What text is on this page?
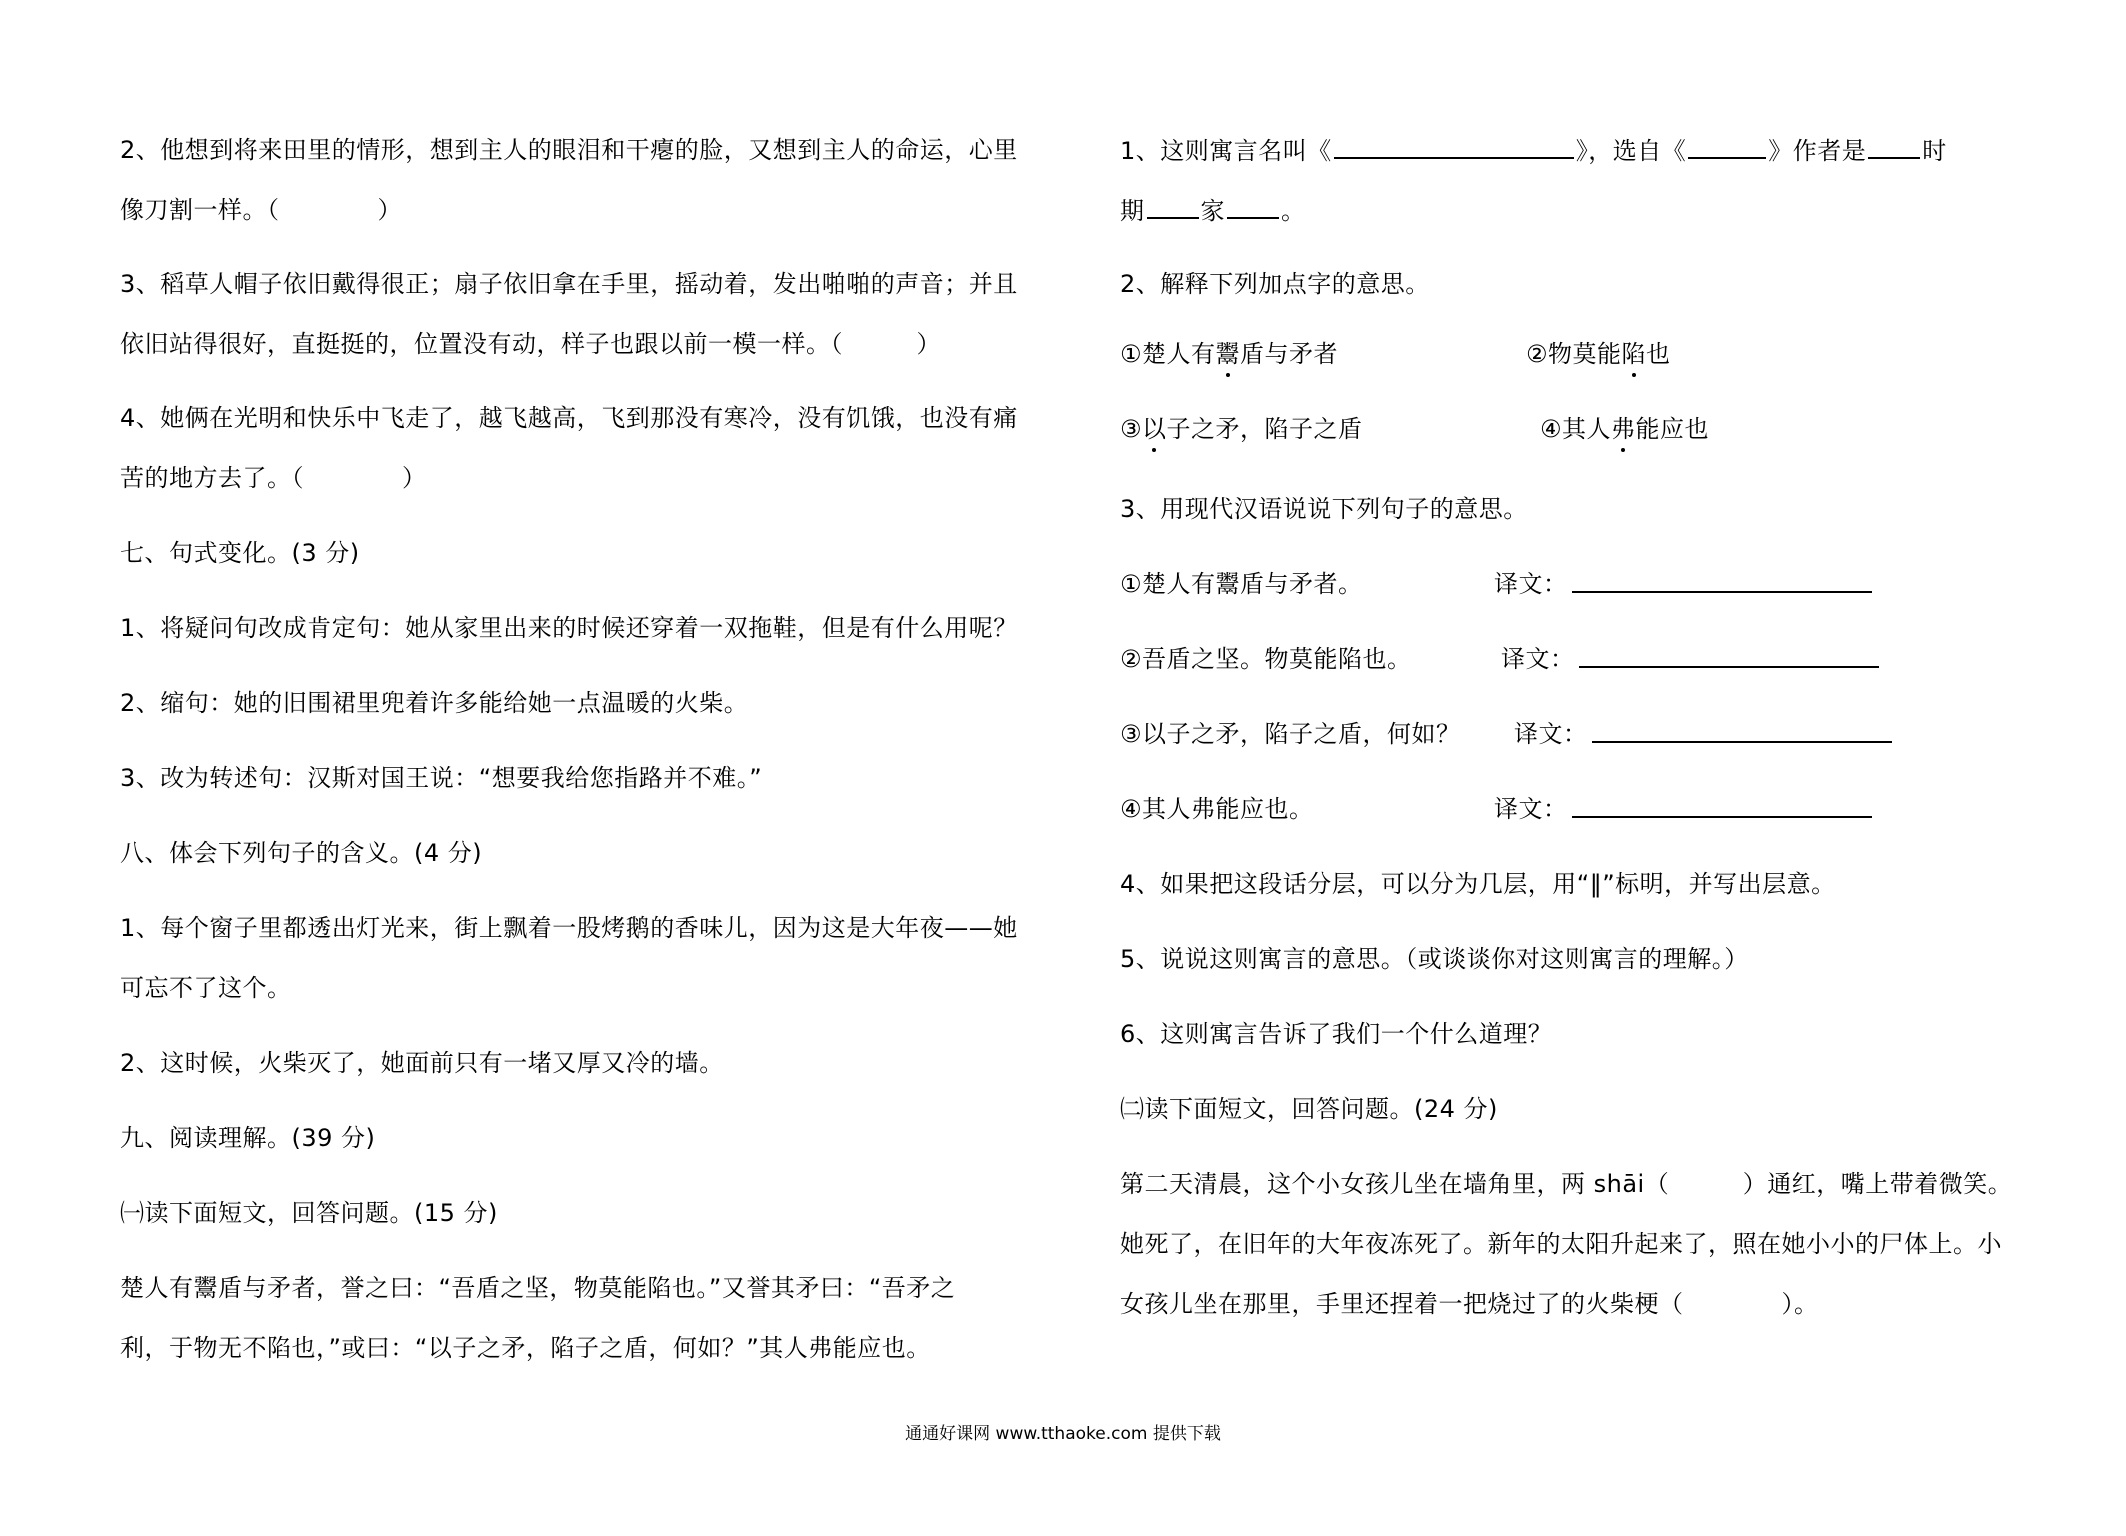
2、他想到将来田里的情形，想到主人的眼泪和干瘪的脸，又想到主人的命运，心里
像刀割一样。（　　　　）
3、稻草人帽子依旧戴得很正；扇子依旧拿在手里，摇动着，发出啪啪的声音；并且
依旧站得很好，直挺挺的，位置没有动，样子也跟以前一模一样。（　　　）
4、她俩在光明和快乐中飞走了，越飞越高，飞到那没有寒冷，没有饥饿，也没有痛
苦的地方去了。（　　　　）
七、句式变化。(3 分)
1、将疑问句改成肯定句：她从家里出来的时候还穿着一双拖鞋，但是有什么用呢？
2、缩句：她的旧围裙里兜着许多能给她一点温暖的火柴。
3、改为转述句：汉斯对国王说：“想要我给您指路并不难。”
八、体会下列句子的含义。(4 分)
1、每个窗子里都透出灯光来，街上飘着一股烤鹅的香味儿，因为这是大年夜——她
可忘不了这个。
2、这时候，火柴灭了，她面前只有一堵又厚又冷的墙。
九、阅读理解。(39 分)
㈠读下面短文，回答问题。(15 分)
楚人有鬻盾与矛者，誉之曰：“吾盾之坚，物莫能陷也。”又誉其矛曰：“吾矛之
利，于物无不陷也，”或曰：“以子之矛，陷子之盾，何如？”其人弗能应也。
1、这则寓言名叫《	》，选自《	》作者是 时
期 家 。
2、解释下列加点字的意思。
①楚人有鬻盾与矛者	②物莫能陷也
③以子之矛，陷子之盾	④其人弗能应也
3、用现代汉语说说下列句子的意思。
①楚人有鬻盾与矛者。	译文：
②吾盾之坚。物莫能陷也。	译文：
③以子之矛，陷子之盾，何如？ 译文：
④其人弗能应也。	译文：
4、如果把这段话分层，可以分为几层，用“‖”标明，并写出层意。
5、说说这则寓言的意思。（或谈谈你对这则寓言的理解。）
6、这则寓言告诉了我们一个什么道理？
㈡读下面短文，回答问题。(24 分)
第二天清晨，这个小女孩儿坐在墙角里，两 shāi（　　　）通红，嘴上带着微笑。
她死了，在旧年的大年夜冻死了。新年的太阳升起来了，照在她小小的尸体上。小
女孩儿坐在那里，手里还捏着一把烧过了的火柴梗（　　　　）。
通通好课网 www.tthaoke.com 提供下载
